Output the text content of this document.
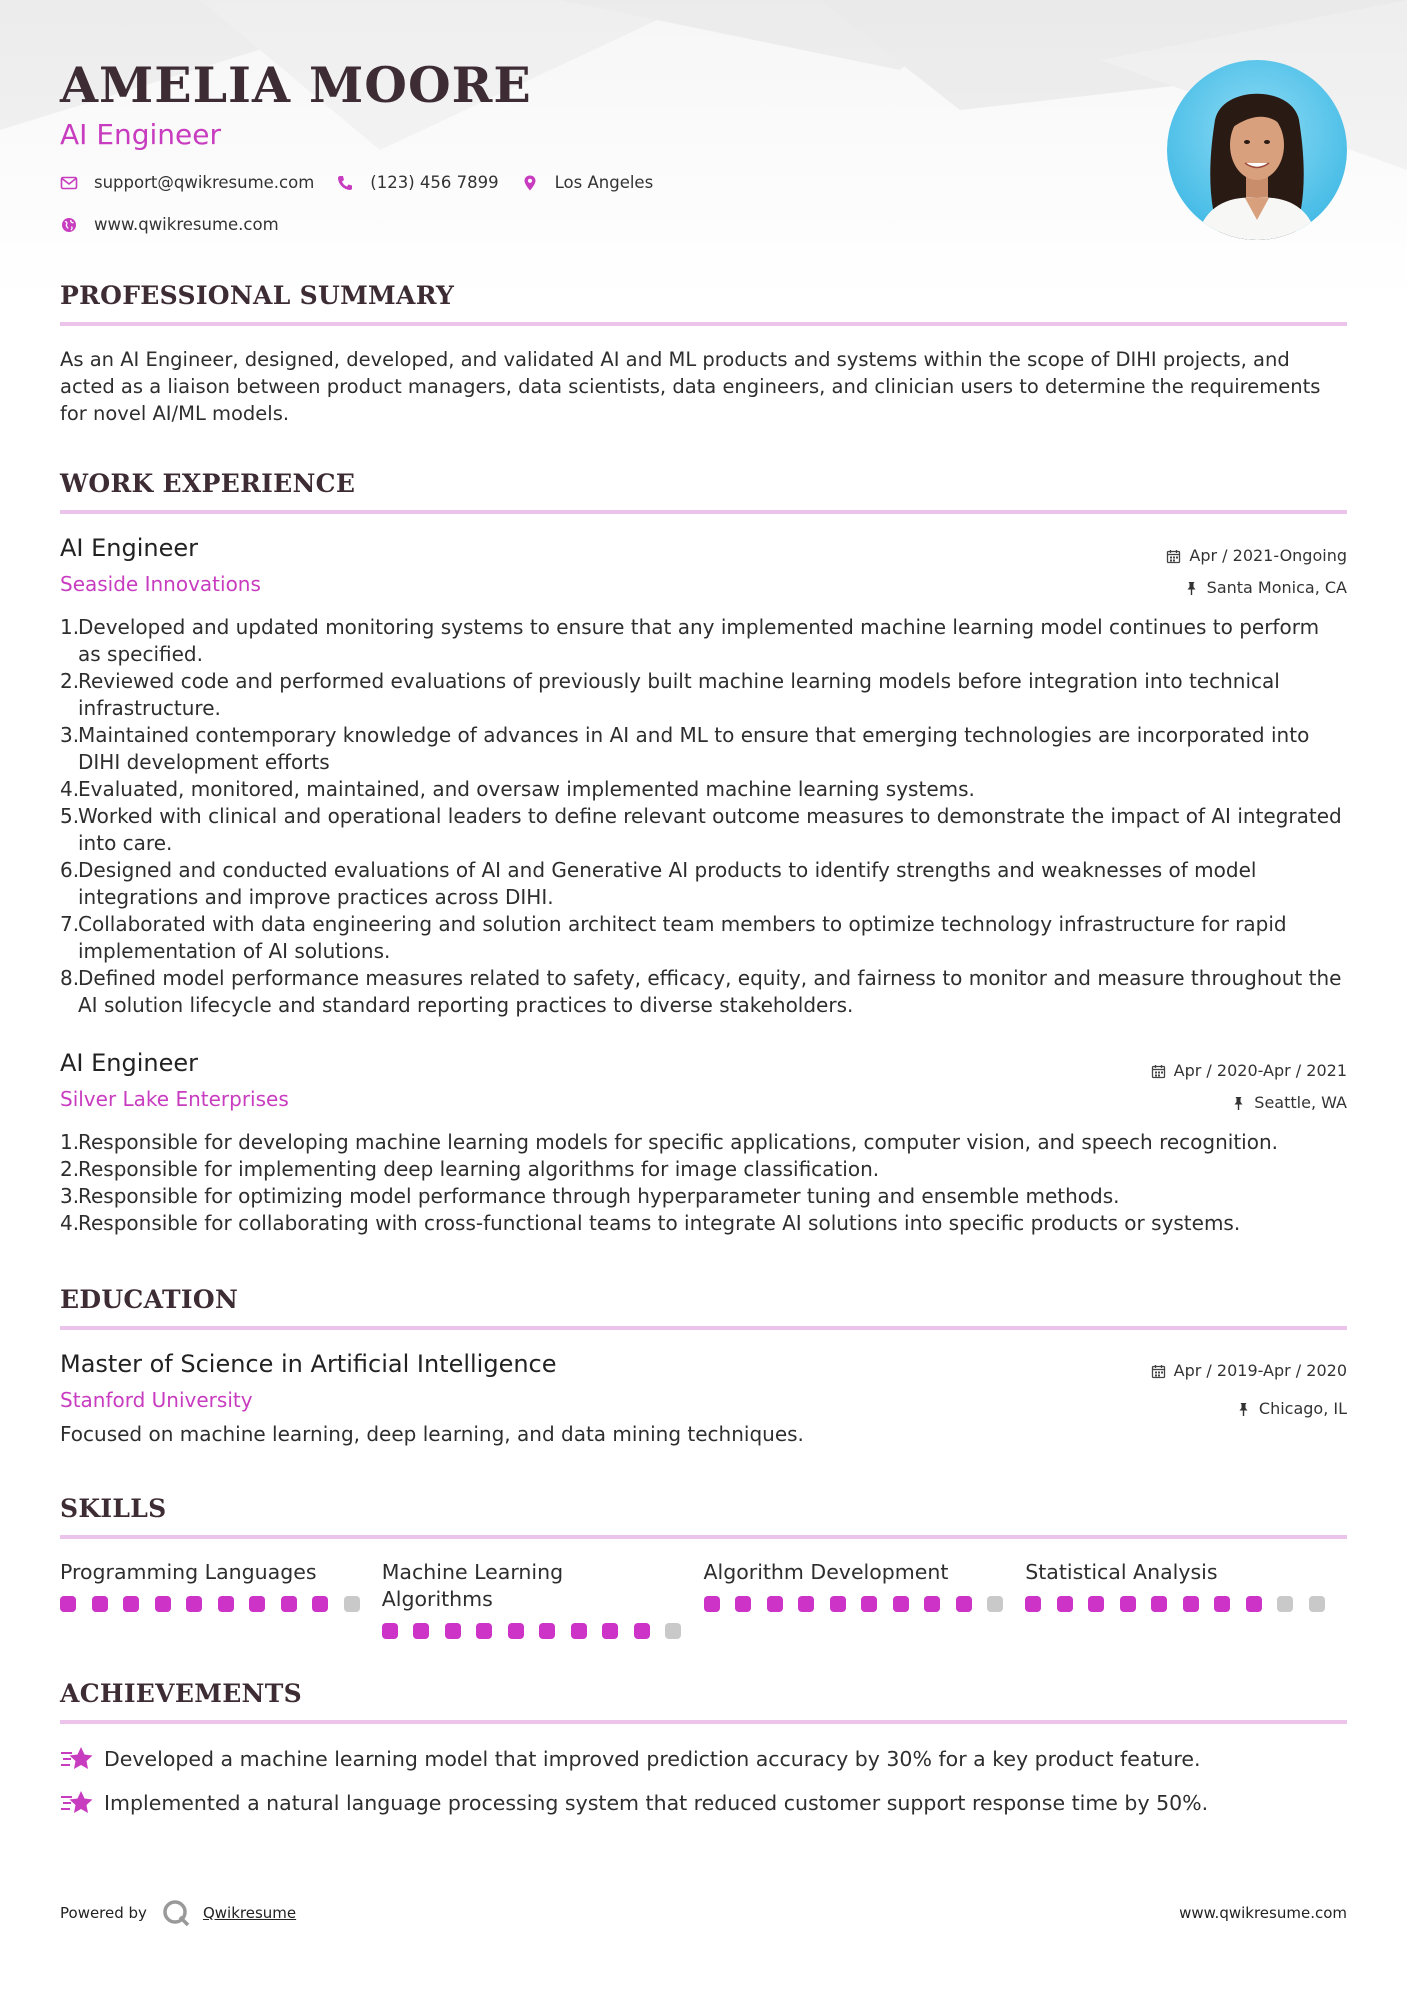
AMELIA MOORE
AI Engineer
support@qwikresume.com	(123) 456 7899	Los Angeles
www.qwikresume.com
PROFESSIONAL SUMMARY
As an AI Engineer, designed, developed, and validated AI and ML products and systems within the scope of DIHI projects, and acted as a liaison between product managers, data scientists, data engineers, and clinician users to determine the requirements for novel AI/ML models.
WORK EXPERIENCE
AI Engineer
Seaside Innovations
Apr / 2021-Ongoing
Santa Monica, CA
1.
Developed and updated monitoring systems to ensure that any implemented machine learning model continues to perform as specified.
2.
Reviewed code and performed evaluations of previously built machine learning models before integration into technical infrastructure.
3.
Maintained contemporary knowledge of advances in AI and ML to ensure that emerging technologies are incorporated into DIHI development efforts
4.
Evaluated, monitored, maintained, and oversaw implemented machine learning systems.
5.
Worked with clinical and operational leaders to define relevant outcome measures to demonstrate the impact of AI integrated into care.
6.
Designed and conducted evaluations of AI and Generative AI products to identify strengths and weaknesses of model integrations and improve practices across DIHI.
7.
Collaborated with data engineering and solution architect team members to optimize technology infrastructure for rapid implementation of AI solutions.
8.
Defined model performance measures related to safety, efficacy, equity, and fairness to monitor and measure throughout the AI solution lifecycle and standard reporting practices to diverse stakeholders.
AI Engineer
Silver Lake Enterprises
Apr / 2020-Apr / 2021
Seattle, WA
1.
Responsible for developing machine learning models for specific applications, computer vision, and speech recognition.
2.
Responsible for implementing deep learning algorithms for image classification.
3.
Responsible for optimizing model performance through hyperparameter tuning and ensemble methods.
4.
Responsible for collaborating with cross-functional teams to integrate AI solutions into specific products or systems.
EDUCATION
Master of Science in Artificial Intelligence
Stanford University
Apr / 2019-Apr / 2020
Chicago, IL
Focused on machine learning, deep learning, and data mining techniques.
SKILLS
Programming Languages	Machine Learning Algorithms
Algorithm Development	Statistical Analysis
ACHIEVEMENTS
Developed a machine learning model that improved prediction accuracy by 30% for a key product feature.
Implemented a natural language processing system that reduced customer support response time by 50%.
Powered by	Qwikresume	www.qwikresume.com
